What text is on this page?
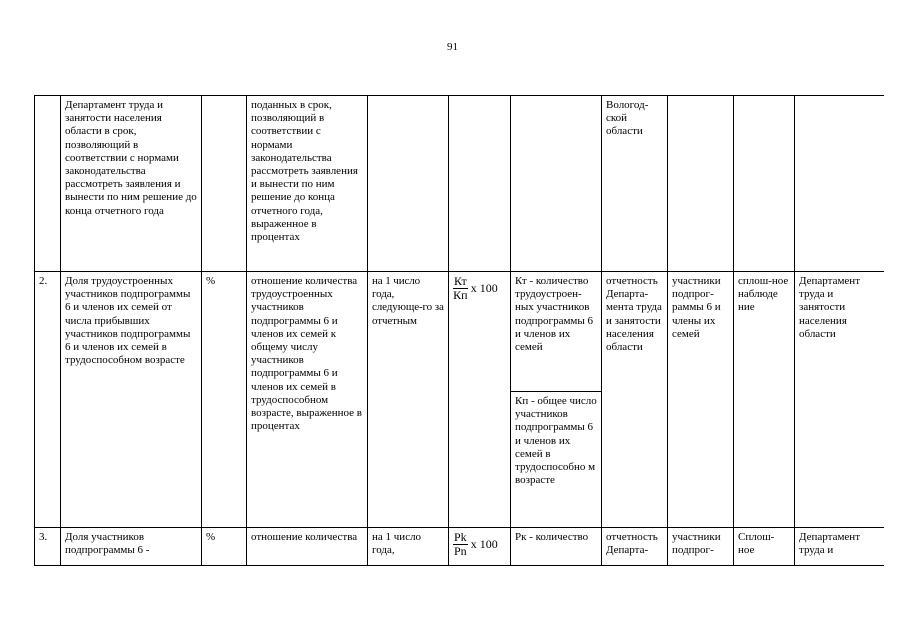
91
	Департамент труда и занятости населения области в срок, позволяющий в соответствии с нормами законодательства рассмотреть заявления и вынести по ним решение до конца отчетного года		поданных в срок, позволяющий в соответствии с нормами законодательства рассмотреть заявления и вынести по ним решение до конца отчетного года, выраженное в процентах				Вологод-ской области			
2.	Доля трудоустроенных участников подпрограммы 6 и членов их семей от числа прибывших участников подпрограммы 6 и членов их семей в трудоспособном возрасте	%	отношение количества трудоустроенных участников подпрограммы 6 и членов их семей к общему числу участников подпрограммы 6 и членов их семей в трудоспособном возрасте, выраженное в процентах	на 1 число года, следующе-го за отчетным	$\frac{Кт}{Кп}$ х 100	Кт - количество трудоустроен-ных участников подпрограммы 6 и членов их семей	отчетность Департа-мента труда и занятости населения области	участники подпрог-раммы 6 и члены их семей	сплош-ное наблюде ние	Департамент труда и занятости населения области
						Кп - общее число участников подпрограммы 6 и членов их семей в трудоспособно м возрасте				
3.	Доля участников подпрограммы 6 -	%	отношение количества	на 1 число года,	$\frac{Pk}{Pn}$ х 100	Рк - количество	отчетность Департа-	участники подпрог-	Сплош-ное	Департамент труда и
